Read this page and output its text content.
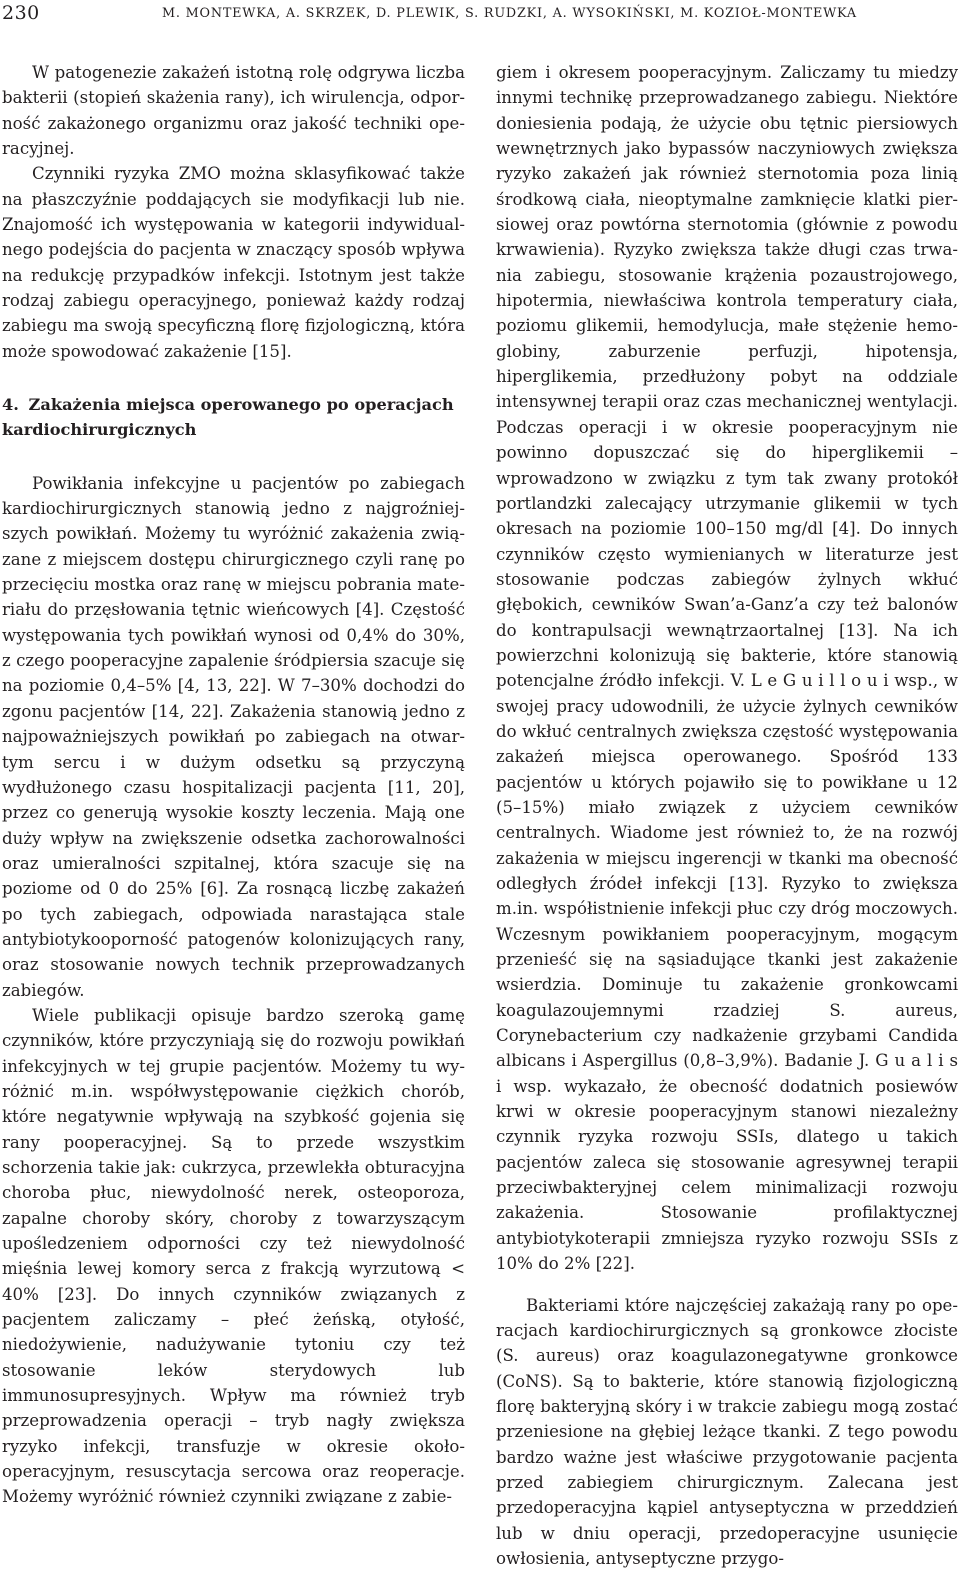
230	M. MONTEWKA, A. SKRZEK, D. PLEWIK, S. RUDZKI, A. WYSOKIŃSKI, M. KOZIOŁ-MONTEWKA

W patogenezie zakażeń istotną rolę odgrywa liczba bakterii (stopień skażenia rany), ich wirulencja, odporność zakażonego organizmu oraz jakość techniki operacyjnej.

Czynniki ryzyka ZMO można sklasyfikować także na płaszczyźnie poddających sie modyfikacji lub nie. Znajomość ich występowania w kategorii indywidualnego podejścia do pacjenta w znaczący sposób wpływa na redukcję przypadków infekcji. Istotnym jest także rodzaj zabiegu operacyjnego, ponieważ każdy rodzaj zabiegu ma swoją specyficzną florę fizjologiczną, która może spowodować zakażenie [15].

4. Zakażenia miejsca operowanego po operacjach kardiochirurgicznych

Powikłania infekcyjne u pacjentów po zabiegach kardiochirurgicznych stanowią jedno z najgroźniejszych powikłań. Możemy tu wyróżnić zakażenia związane z miejscem dostępu chirurgicznego czyli ranę po przecięciu mostka oraz ranę w miejscu pobrania materiału do przęsłowania tętnic wieńcowych [4]. Częstość występowania tych powikłań wynosi od 0,4% do 30%, z czego pooperacyjne zapalenie śródpiersia szacuje się na poziomie 0,4–5% [4, 13, 22]. W 7–30% dochodzi do zgonu pacjentów [14, 22]. Zakażenia stanowią jedno z najpoważniejszych powikłań po zabiegach na otwartym sercu i w dużym odsetku są przyczyną wydłużonego czasu hospitalizacji pacjenta [11, 20], przez co generują wysokie koszty leczenia. Mają one duży wpływ na zwiększenie odsetka zachorowalności oraz umieralności szpitalnej, która szacuje się na poziome od 0 do 25% [6]. Za rosnącą liczbę zakażeń po tych zabiegach, odpowiada narastająca stale antybiotykooporność patogenów kolonizujących rany, oraz stosowanie nowych technik przeprowadzanych zabiegów.

Wiele publikacji opisuje bardzo szeroką gamę czynników, które przyczyniają się do rozwoju powikłań infekcyjnych w tej grupie pacjentów. Możemy tu wyróżnić m.in. współwystępowanie ciężkich chorób, które negatywnie wpływają na szybkość gojenia się rany pooperacyjnej. Są to przede wszystkim schorzenia takie jak: cukrzyca, przewlekła obturacyjna choroba płuc, niewydolność nerek, osteoporoza, zapalne choroby skóry, choroby z towarzyszącym upośledzeniem odporności czy też niewydolność mięśnia lewej komory serca z frakcją wyrzutową < 40% [23]. Do innych czynników związanych z pacjentem zaliczamy – płeć żeńską, otyłość, niedożywienie, nadużywanie tytoniu czy też stosowanie leków sterydowych lub immunosupresyjnych. Wpływ ma również tryb przeprowadzenia operacji – tryb nagły zwiększa ryzyko infekcji, transfuzje w okresie okołooperacyjnym, resuscytacja sercowa oraz reoperacje. Możemy wyróżnić również czynniki związane z zabie-

giem i okresem pooperacyjnym. Zaliczamy tu miedzy innymi technikę przeprowadzanego zabiegu. Niektóre doniesienia podają, że użycie obu tętnic piersiowych wewnętrznych jako bypassów naczyniowych zwiększa ryzyko zakażeń jak również sternotomia poza linią środkową ciała, nieoptymalne zamknięcie klatki piersiowej oraz powtórna sternotomia (głównie z powodu krwawienia). Ryzyko zwiększa także długi czas trwania zabiegu, stosowanie krążenia pozaustrojowego, hipotermia, niewłaściwa kontrola temperatury ciała, poziomu glikemii, hemodylucja, małe stężenie hemoglobiny, zaburzenie perfuzji, hipotensja, hiperglikemia, przedłużony pobyt na oddziale intensywnej terapii oraz czas mechanicznej wentylacji. Podczas operacji i w okresie pooperacyjnym nie powinno dopuszczać się do hiperglikemii – wprowadzono w związku z tym tak zwany protokół portlandzki zalecający utrzymanie glikemii w tych okresach na poziomie 100–150 mg/dl [4]. Do innych czynników często wymienianych w literaturze jest stosowanie podczas zabiegów żylnych wkłuć głębokich, cewników Swan’a-Ganz’a czy też balonów do kontrapulsacji wewnątrzaortalnej [13]. Na ich powierzchni kolonizują się bakterie, które stanowią potencjalne źródło infekcji. V. L e G u i l l o u i wsp., w swojej pracy udowodnili, że użycie żylnych cewników do wkłuć centralnych zwiększa częstość występowania zakażeń miejsca operowanego. Spośród 133 pacjentów u których pojawiło się to powikłane u 12 (5–15%) miało związek z użyciem cewników centralnych. Wiadome jest również to, że na rozwój zakażenia w miejscu ingerencji w tkanki ma obecność odległych źródeł infekcji [13]. Ryzyko to zwiększa m.in. współistnienie infekcji płuc czy dróg moczowych. Wczesnym powikłaniem pooperacyjnym, mogącym przenieść się na sąsiadujące tkanki jest zakażenie wsierdzia. Dominuje tu zakażenie gronkowcami koagulazoujemnymi rzadziej S. aureus, Corynebacterium czy nadkażenie grzybami Candida albicans i Aspergillus (0,8–3,9%). Badanie J. G u a l i s i wsp. wykazało, że obecność dodatnich posiewów krwi w okresie pooperacyjnym stanowi niezależny czynnik ryzyka rozwoju SSIs, dlatego u takich pacjentów zaleca się stosowanie agresywnej terapii przeciwbakteryjnej celem minimalizacji rozwoju zakażenia. Stosowanie profilaktycznej antybiotykoterapii zmniejsza ryzyko rozwoju SSIs z 10% do 2% [22].

Bakteriami które najczęściej zakażają rany po operacjach kardiochirurgicznych są gronkowce złociste (S. aureus) oraz koagulazonegatywne gronkowce (CoNS). Są to bakterie, które stanowią fizjologiczną florę bakteryjną skóry i w trakcie zabiegu mogą zostać przeniesione na głębiej leżące tkanki. Z tego powodu bardzo ważne jest właściwe przygotowanie pacjenta przed zabiegiem chirurgicznym. Zalecana jest przedoperacyjna kąpiel antyseptyczna w przeddzień lub w dniu operacji, przedoperacyjne usunięcie owłosienia, antyseptyczne przygo-
